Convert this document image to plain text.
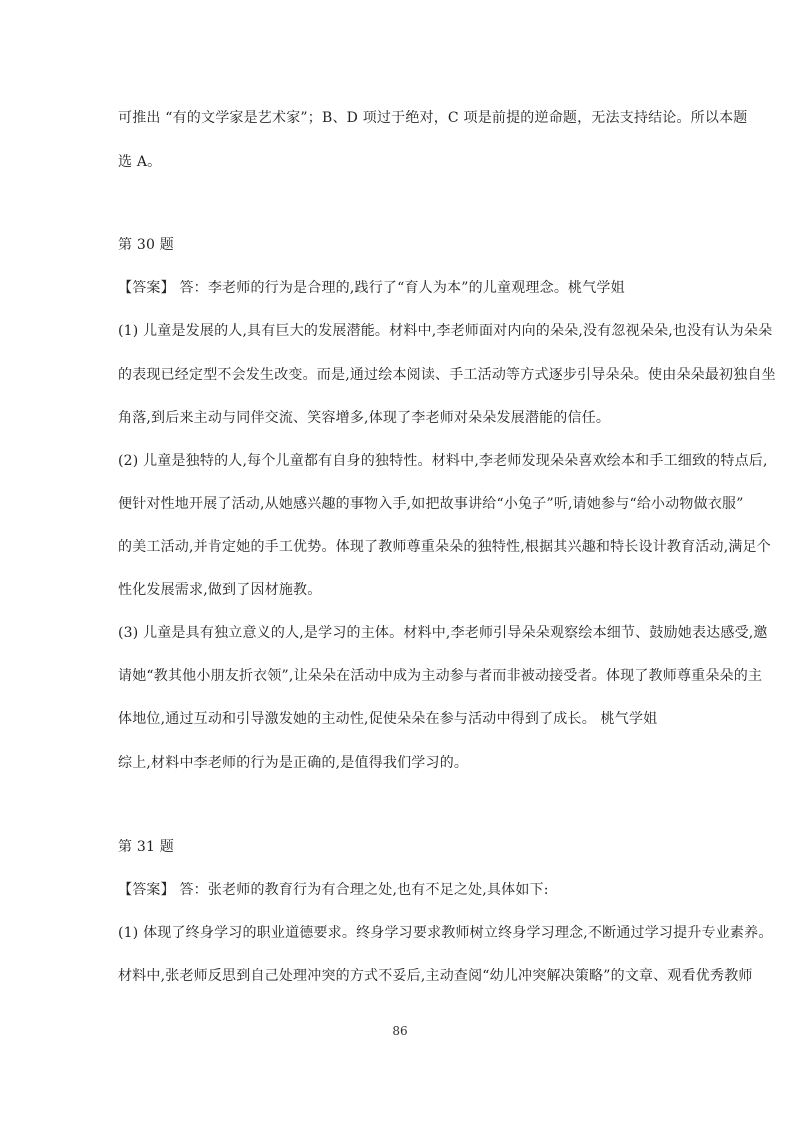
可推出 “有的文学家是艺术家”；B、D 项过于绝对，C 项是前提的逆命题，无法支持结论。所以本题
选 A。
第 30 题
【答案】 答：李老师的行为是合理的,践行了“育人为本”的儿童观理念。桃气学姐
(1) 儿童是发展的人,具有巨大的发展潜能。材料中,李老师面对内向的朵朵,没有忽视朵朵,也没有认为朵朵
的表现已经定型不会发生改变。而是,通过绘本阅读、手工活动等方式逐步引导朵朵。使由朵朵最初独自坐
角落,到后来主动与同伴交流、笑容增多,体现了李老师对朵朵发展潜能的信任。
(2) 儿童是独特的人,每个儿童都有自身的独特性。材料中,李老师发现朵朵喜欢绘本和手工细致的特点后,
便针对性地开展了活动,从她感兴趣的事物入手,如把故事讲给“小兔子”听,请她参与“给小动物做衣服”
的美工活动,并肯定她的手工优势。体现了教师尊重朵朵的独特性,根据其兴趣和特长设计教育活动,满足个
性化发展需求,做到了因材施教。
(3) 儿童是具有独立意义的人,是学习的主体。材料中,李老师引导朵朵观察绘本细节、鼓励她表达感受,邀
请她“教其他小朋友折衣领”,让朵朵在活动中成为主动参与者而非被动接受者。体现了教师尊重朵朵的主
体地位,通过互动和引导激发她的主动性,促使朵朵在参与活动中得到了成长。 桃气学姐
综上,材料中李老师的行为是正确的,是值得我们学习的。
第 31 题
【答案】 答：张老师的教育行为有合理之处,也有不足之处,具体如下:
(1) 体现了终身学习的职业道德要求。终身学习要求教师树立终身学习理念,不断通过学习提升专业素养。
材料中,张老师反思到自己处理冲突的方式不妥后,主动查阅“幼儿冲突解决策略”的文章、观看优秀教师
86
